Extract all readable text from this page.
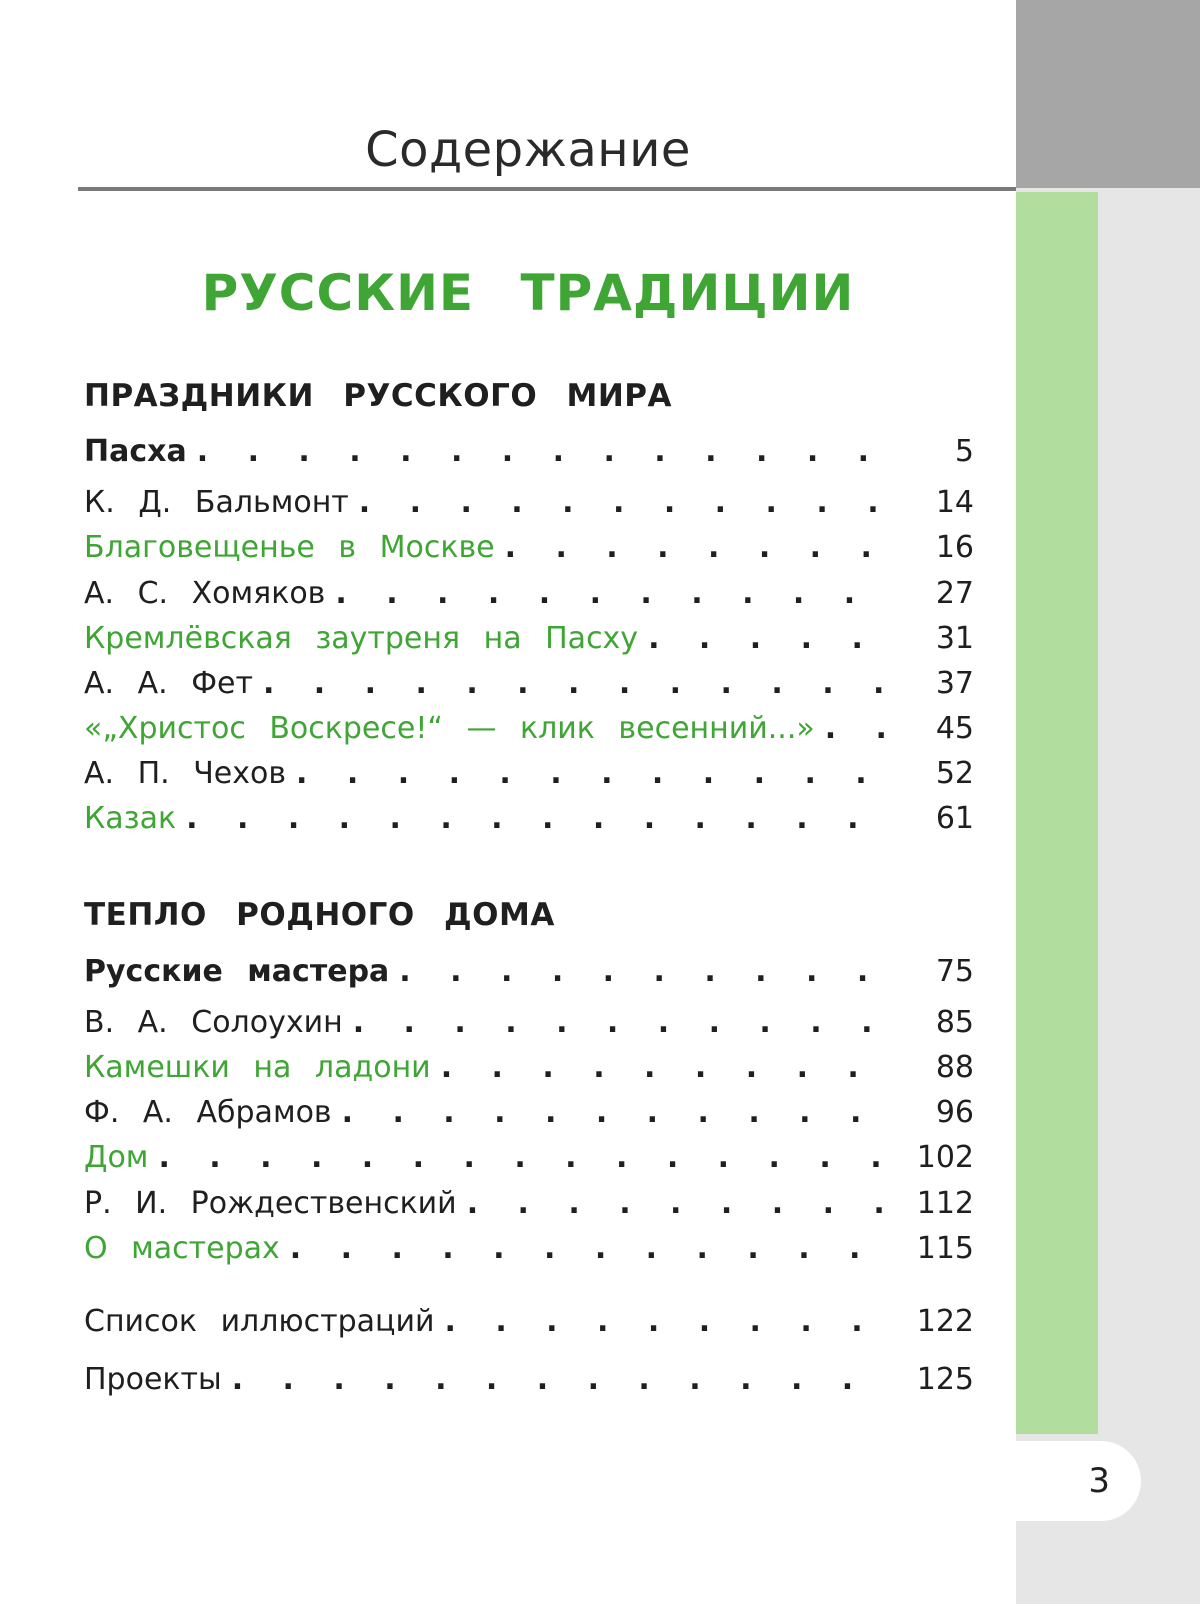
3
Содержание
РУССКИЕ ТРАДИЦИИ
ПРАЗДНИКИ РУССКОГО МИРА
Пасха . . .	5
К. Д. Бальмонт . . .	14
Благовещенье в Москве . . .	16
А. С. Хомяков . . .	27
Кремлёвская заутреня на Пасху . . .	31
А. А. Фет . . .	37
«„Христос Воскресе!“ — клик весенний...» . . .	45
А. П. Чехов . . .	52
Казак . . .	61
ТЕПЛО РОДНОГО ДОМА
Русские мастера . . .	75
В. А. Солоухин . . .	85
Камешки на ладони . . .	88
Ф. А. Абрамов . . .	96
Дом . . .	102
Р. И. Рождественский . . .	112
О мастерах . . .	115
Список иллюстраций . . .	122
Проекты . . .	125
